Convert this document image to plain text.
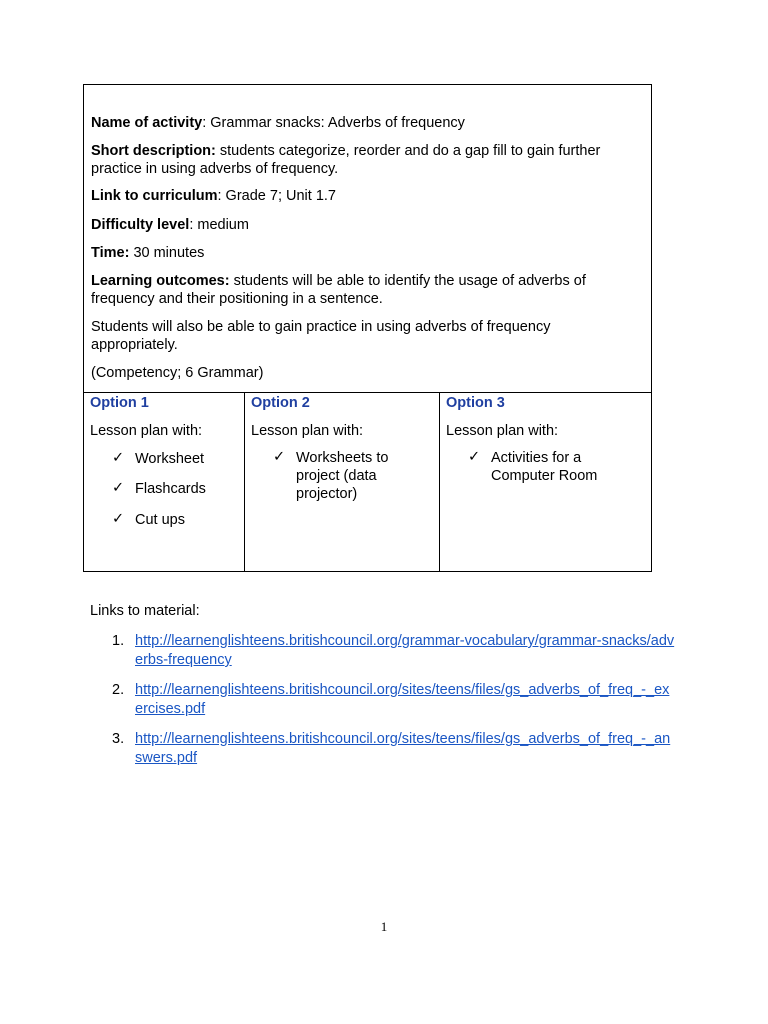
Name of activity: Grammar snacks: Adverbs of frequency
Short description: students categorize, reorder and do a gap fill to gain further practice in using adverbs of frequency.
Link to curriculum: Grade 7; Unit 1.7
Difficulty level: medium
Time: 30 minutes
Learning outcomes: students will be able to identify the usage of adverbs of frequency and their positioning in a sentence.
Students will also be able to gain practice in using adverbs of frequency appropriately.
(Competency; 6 Grammar)
Option 1
Lesson plan with:
✓ Worksheet
✓ Flashcards
✓ Cut ups
Option 2
Lesson plan with:
✓ Worksheets to project (data projector)
Option 3
Lesson plan with:
✓ Activities for a Computer Room
Links to material:
1. http://learnenglishteens.britishcouncil.org/grammar-vocabulary/grammar-snacks/adverbs-frequency
2. http://learnenglishteens.britishcouncil.org/sites/teens/files/gs_adverbs_of_freq_-_exercises.pdf
3. http://learnenglishteens.britishcouncil.org/sites/teens/files/gs_adverbs_of_freq_-_answers.pdf
1
